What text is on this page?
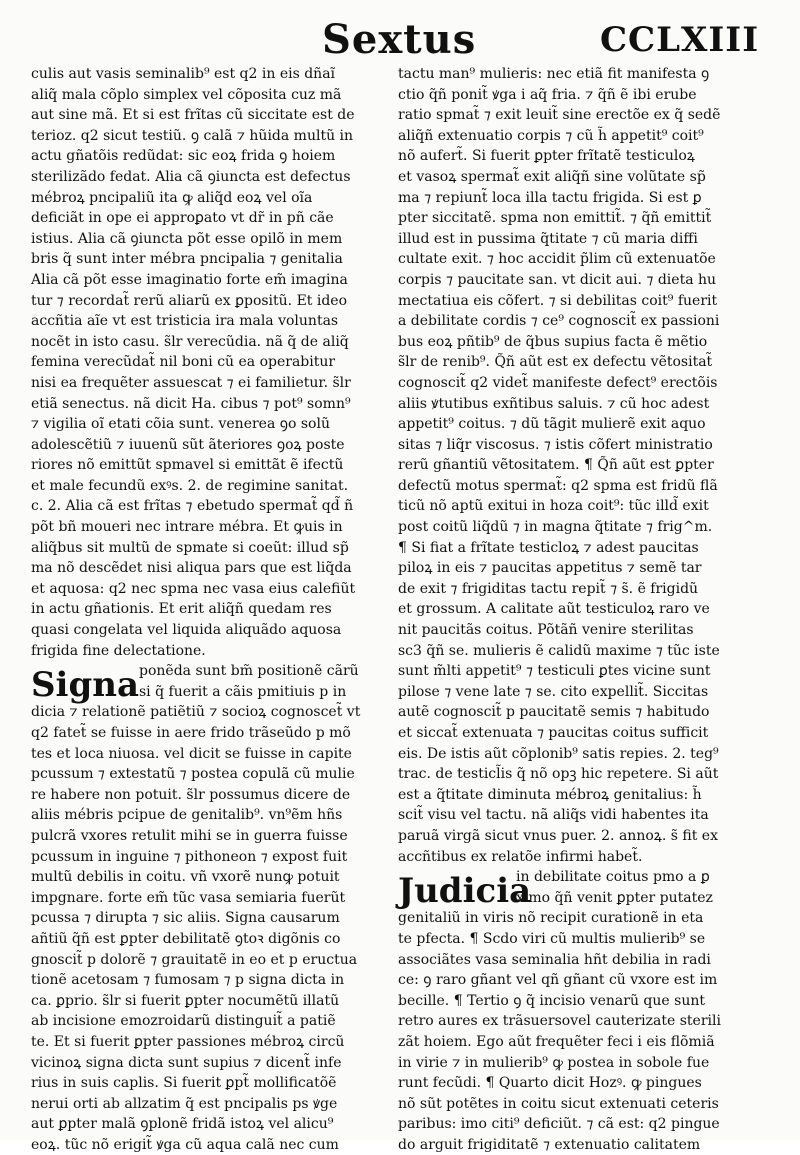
Sextus	CCLXIII
culis aut vasis seminalib⁹ est q2 in eis dñaĩ
aliq̃ mala cõplo simplex vel cõposita cuz mã
aut sine mã. Et si est frĩtas cũ siccitate est de
terioz. q2 sicut testiũ. ꝯ calã ⁊ hũida multũ in
actu gñatõis redũdat: sic eoꝝ frida ꝯ hoiem
sterilizãdo fedat. Alia cã ꝯiuncta est defectus
mébroꝝ pncipaliũ ita ꝙ aliq̃d eoꝝ vel oĩa
deficiãt in ope ei approꝑato vt dr̃ in pñ cãe
istius. Alia cã ꝯiuncta põt esse opilõ in mem
bris q̃ sunt inter mébra pncipalia ⁊ genitalia
Alia cã põt esse imaginatio forte em̃ imagina
tur ⁊ recordat̃ rerũ aliarũ ex ꝑpositũ. Et ideo
accñtia aĩe vt est tristicia ira mala voluntas
nocẽt in isto casu. s̃lr verecũdia. nã q̃ de aliq̃
femina verecũdat̃ nil boni cũ ea operabitur
nisi ea frequẽter assuescat ⁊ ei familietur. s̃lr
etiã senectus. nã dicit Ha. cibus ⁊ pot⁹ somn⁹
⁊ vigilia oĩ etati cõia sunt. venerea ꝯo solũ
adolescẽtiũ ⁊ iuuenũ sũt ãteriores ꝯoꝝ poste
riores nõ emittũt spmavel si emittãt ẽ ifectũ
et male fecundũ exꝰs. 2. de regimine sanitat.
c. 2. Alia cã est frĩtas ⁊ ebetudo spermat̃ qd̃ ñ
põt bñ moueri nec intrare mébra. Et ꝙuis in
aliq̃bus sit multũ de spmate si coeũt: illud sp̃
ma nõ descẽdet nisi aliqua pars que est liq̃da
et aquosa: q2 nec spma nec vasa eius calefiũt
in actu gñationis. Et erit aliq̃ñ quedam res
quasi congelata vel liquida aliquãdo aquosa
frigida fine delectatione.
Signa ponẽda sunt bm̃ positionẽ cãrũ
si q̃ fuerit a cãis pmitiuis p in
dicia ⁊ relationẽ patiẽtiũ ⁊ socioꝝ cognoscet̃ vt
q2 fatet̃ se fuisse in aere frido trãseũdo p mõ
tes et loca niuosa. vel dicit se fuisse in capite
pcussum ⁊ extestatũ ⁊ postea copulã cũ mulie
re habere non potuit. s̃lr possumus dicere de
aliis mébris pcipue de genitalib⁹. vn⁹ẽm hñs
pulcrã vxores retulit mihi se in guerra fuisse
pcussum in inguine ⁊ pithoneon ⁊ expost fuit
multũ debilis in coitu. vñ vxorẽ nunꝙ potuit
impgnare. forte em̃ tũc vasa semiaria fuerũt
pcussa ⁊ dirupta ⁊ sic aliis. Signa causarum
añtiũ q̃ñ est ꝑpter debilitatẽ ꝯtoꝛ digõnis co
gnoscit̃ p dolorẽ ⁊ grauitatẽ in eo et p eructua
tionẽ acetosam ⁊ fumosam ⁊ p signa dicta in
ca. ꝑprio. s̃lr si fuerit ꝑpter nocumẽtũ illatũ
ab incisione emozroidarũ distinguit̃ a patiẽ
te. Et si fuerit ꝑpter passiones mébroꝝ circũ
vicinoꝝ signa dicta sunt supius ⁊ dicent̃ infe
rius in suis caplis. Si fuerit ꝑpt̃ mollificatõẽ
nerui orti ab allzatim q̃ est pncipalis ps ꝟge
aut ꝑpter malã ꝯplonẽ fridã istoꝝ vel alicu⁹
eoꝝ. tũc nõ erigit̃ ꝟga cũ aqua calã nec cum
tactu man⁹ mulieris: nec etiã fit manifesta ꝯ
ctio q̃ñ ponit̃ ꝟga i aq̃ fria. ⁊ q̃ñ ẽ ibi erube
ratio spmat̃ ⁊ exit leuit̃ sine erectõe ex q̃ sedẽ
aliq̃ñ extenuatio corpis ⁊ cũ h̃ appetit⁹ coit⁹
nõ aufert̃. Si fuerit ꝑpter frĩtatẽ testiculoꝝ
et vasoꝝ spermat̃ exit aliq̃ñ sine volũtate sp̃
ma ⁊ repiunt̃ loca illa tactu frigida. Si est ꝑ
pter siccitatẽ. spma non emittit̃. ⁊ q̃ñ emittit̃
illud est in pussima q̃titate ⁊ cũ maria diffi
cultate exit. ⁊ hoc accidit p̃lim cũ extenuatõe
corpis ⁊ paucitate san. vt dicit aui. ⁊ dieta hu
mectatiua eis cõfert. ⁊ si debilitas coit⁹ fuerit
a debilitate cordis ⁊ ce⁹ cognoscit̃ ex passioni
bus eoꝝ pñtib⁹ de q̃bus supius facta ẽ mẽtio
s̃lr de renib⁹. Q̃ñ aũt est ex defectu vẽtositat̃
cognoscit̃ q2 videt̃ manifeste defect⁹ erectõis
aliis ꝟtutibus exñtibus saluis. ⁊ cũ hoc adest
appetit⁹ coitus. ⁊ dũ tãgit mulierẽ exit aquo
sitas ⁊ liq̃r viscosus. ⁊ istis cõfert ministratio
rerũ gñantiũ vẽtositatem. ¶ Q̃ñ aũt est ꝑpter
defectũ motus spermat̃: q2 spma est fridũ flã
ticũ nõ aptũ exitui in hoza coit⁹: tũc illd̃ exit
post coitũ liq̃dũ ⁊ in magna q̃titate ⁊ frig^m.
¶ Si fiat a frĩtate testicloꝝ ⁊ adest paucitas
piloꝝ in eis ⁊ paucitas appetitus ⁊ semẽ tar
de exit ⁊ frigiditas tactu repit̃ ⁊ s̃. ẽ frigidũ
et grossum. A calitate aũt testiculoꝝ raro ve
nit paucitãs coitus. Põtãñ venire sterilitas
sc3 q̃ñ se. mulieris ẽ calidũ maxime ⁊ tũc iste
sunt m̃lti appetit⁹ ⁊ testiculi ꝑtes vicine sunt
pilose ⁊ vene late ⁊ se. cito expellit̃. Siccitas
autẽ cognoscit̃ p paucitatẽ semis ⁊ habitudo
et siccat̃ extenuata ⁊ paucitas coitus sufficit
eis. De istis aũt cõplonib⁹ satis repies. 2. teg⁹
trac. de testicl̃is q̃ nõ opꝫ hic repetere. Si aũt
est a q̃titate diminuta mébroꝝ genitalius: h̃
scit̃ visu vel tactu. nã aliq̃s vidi habentes ita
paruã virgã sicut vnus puer. 2. annoꝝ. s̃ fit ex
accñtibus ex relatõe infirmi habet̃.
Judicia
in debilitate coitus pmo a ꝑ
ximo q̃ñ venit ꝑpter putatez
genitaliũ in viris nõ recipit curationẽ in eta
te pfecta. ¶ Scdo viri cũ multis mulierib⁹ se
associãtes vasa seminalia hñt debilia in radi
ce: ꝯ raro gñant vel qñ gñant cũ vxore est im
becille. ¶ Tertio ꝯ q̃ incisio venarũ que sunt
retro aures ex trãsuersovel cauterizate sterili
zãt hoiem. Ego aũt frequẽter feci i eis flõmiã
in virie ⁊ in mulierib⁹ ꝙ postea in sobole fue
runt fecũdi. ¶ Quarto dicit Hozꝰ. ꝙ pingues
nõ sũt potẽtes in coitu sicut extenuati ceteris
paribus: imo citi⁹ deficiũt. ⁊ cã est: q2 pingue
do arguit frigiditatẽ ⁊ extenuatio calitatem
